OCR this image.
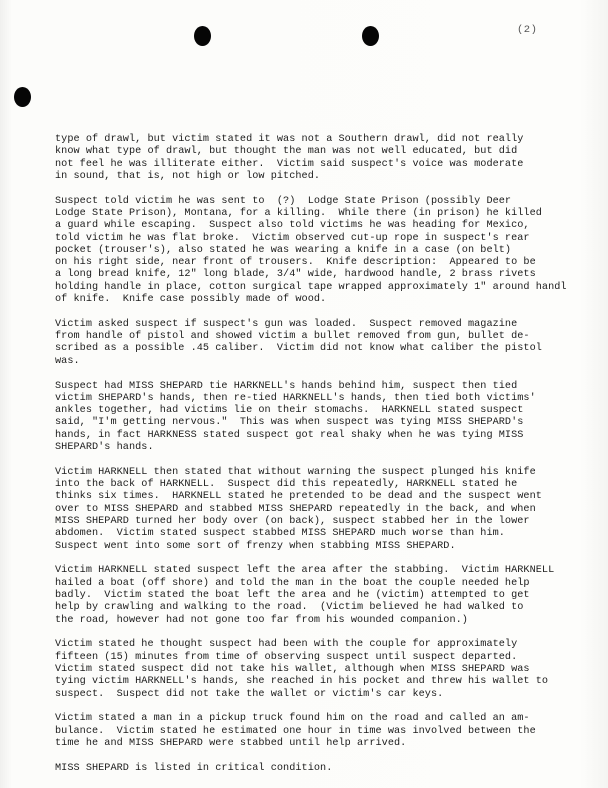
(2)

type of drawl, but victim stated it was not a Southern drawl, did not really
know what type of drawl, but thought the man was not well educated, but did
not feel he was illiterate either.  Victim said suspect's voice was moderate
in sound, that is, not high or low pitched.

Suspect told victim he was sent to  (?)  Lodge State Prison (possibly Deer
Lodge State Prison), Montana, for a killing.  While there (in prison) he killed
a guard while escaping.  Suspect also told victims he was heading for Mexico,
told victim he was flat broke.  Victim observed cut-up rope in suspect's rear
pocket (trouser's), also stated he was wearing a knife in a case (on belt)
on his right side, near front of trousers.  Knife description:  Appeared to be
a long bread knife, 12" long blade, 3/4" wide, hardwood handle, 2 brass rivets
holding handle in place, cotton surgical tape wrapped approximately 1" around handl
of knife.  Knife case possibly made of wood.

Victim asked suspect if suspect's gun was loaded.  Suspect removed magazine
from handle of pistol and showed victim a bullet removed from gun, bullet de-
scribed as a possible .45 caliber.  Victim did not know what caliber the pistol
was.

Suspect had MISS SHEPARD tie HARKNELL's hands behind him, suspect then tied
victim SHEPARD's hands, then re-tied HARKNELL's hands, then tied both victims'
ankles together, had victims lie on their stomachs.  HARKNELL stated suspect
said, "I'm getting nervous."  This was when suspect was tying MISS SHEPARD's
hands, in fact HARKNESS stated suspect got real shaky when he was tying MISS
SHEPARD's hands.

Victim HARKNELL then stated that without warning the suspect plunged his knife
into the back of HARKNELL.  Suspect did this repeatedly, HARKNELL stated he
thinks six times.  HARKNELL stated he pretended to be dead and the suspect went
over to MISS SHEPARD and stabbed MISS SHEPARD repeatedly in the back, and when
MISS SHEPARD turned her body over (on back), suspect stabbed her in the lower
abdomen.  Victim stated suspect stabbed MISS SHEPARD much worse than him.
Suspect went into some sort of frenzy when stabbing MISS SHEPARD.

Victim HARKNELL stated suspect left the area after the stabbing.  Victim HARKNELL
hailed a boat (off shore) and told the man in the boat the couple needed help
badly.  Victim stated the boat left the area and he (victim) attempted to get
help by crawling and walking to the road.  (Victim believed he had walked to
the road, however had not gone too far from his wounded companion.)

Victim stated he thought suspect had been with the couple for approximately
fifteen (15) minutes from time of observing suspect until suspect departed.
Victim stated suspect did not take his wallet, although when MISS SHEPARD was
tying victim HARKNELL's hands, she reached in his pocket and threw his wallet to
suspect.  Suspect did not take the wallet or victim's car keys.

Victim stated a man in a pickup truck found him on the road and called an am-
bulance.  Victim stated he estimated one hour in time was involved between the
time he and MISS SHEPARD were stabbed until help arrived.

MISS SHEPARD is listed in critical condition.
